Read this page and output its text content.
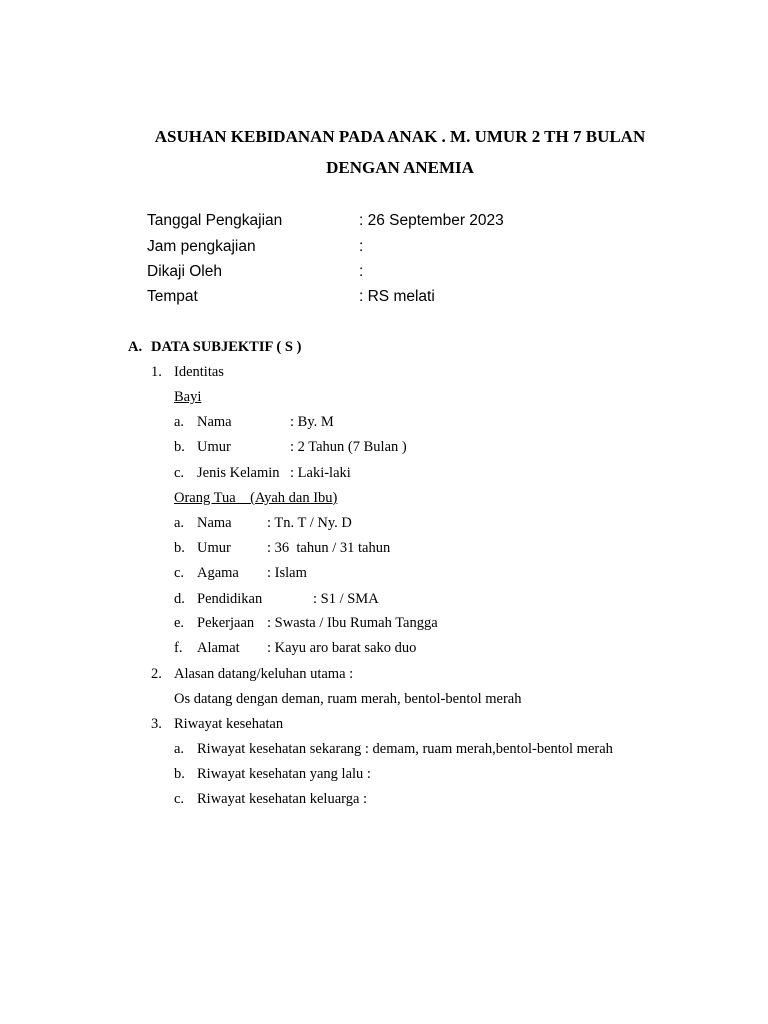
ASUHAN KEBIDANAN PADA ANAK . M. UMUR 2 TH 7 BULAN
DENGAN ANEMIA
Tanggal Pengkajian	: 26 September 2023
Jam pengkajian	:
Dikaji Oleh	:
Tempat	: RS melati
A. DATA SUBJEKTIF ( S )
1. Identitas
Bayi
a. Nama	: By. M
b. Umur	: 2 Tahun (7 Bulan )
c. Jenis Kelamin : Laki-laki
Orang Tua    (Ayah dan Ibu)
a. Nama : Tn. T / Ny. D
b. Umur : 36  tahun / 31 tahun
c. Agama : Islam
d. Pendidikan	: S1 / SMA
e. Pekerjaan : Swasta / Ibu Rumah Tangga
f. Alamat : Kayu aro barat sako duo
2. Alasan datang/keluhan utama :
Os datang dengan deman, ruam merah, bentol-bentol merah
3. Riwayat kesehatan
a. Riwayat kesehatan sekarang : demam, ruam merah,bentol-bentol merah
b. Riwayat kesehatan yang lalu :
c. Riwayat kesehatan keluarga :
